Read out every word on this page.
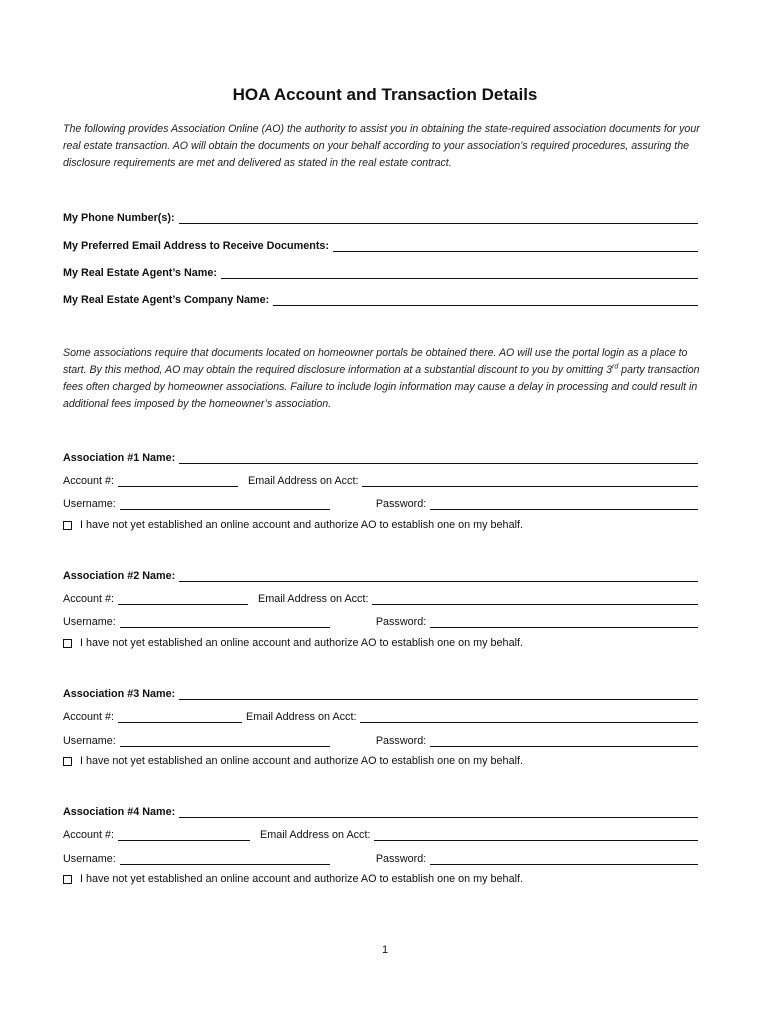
HOA Account and Transaction Details
The following provides Association Online (AO) the authority to assist you in obtaining the state-required association documents for your real estate transaction. AO will obtain the documents on your behalf according to your association’s required procedures, assuring the disclosure requirements are met and delivered as stated in the real estate contract.
My Phone Number(s):
My Preferred Email Address to Receive Documents:
My Real Estate Agent’s Name:
My Real Estate Agent’s Company Name:
Some associations require that documents located on homeowner portals be obtained there. AO will use the portal login as a place to start. By this method, AO may obtain the required disclosure information at a substantial discount to you by omitting 3rd party transaction fees often charged by homeowner associations. Failure to include login information may cause a delay in processing and could result in additional fees imposed by the homeowner’s association.
Association #1 Name:
Account #:	Email Address on Acct:
Username:	Password:
I have not yet established an online account and authorize AO to establish one on my behalf.
Association #2 Name:
Account #:	Email Address on Acct:
Username:	Password:
I have not yet established an online account and authorize AO to establish one on my behalf.
Association #3 Name:
Account #:	Email Address on Acct:
Username:	Password:
I have not yet established an online account and authorize AO to establish one on my behalf.
Association #4 Name:
Account #:	Email Address on Acct:
Username:	Password:
I have not yet established an online account and authorize AO to establish one on my behalf.
1
